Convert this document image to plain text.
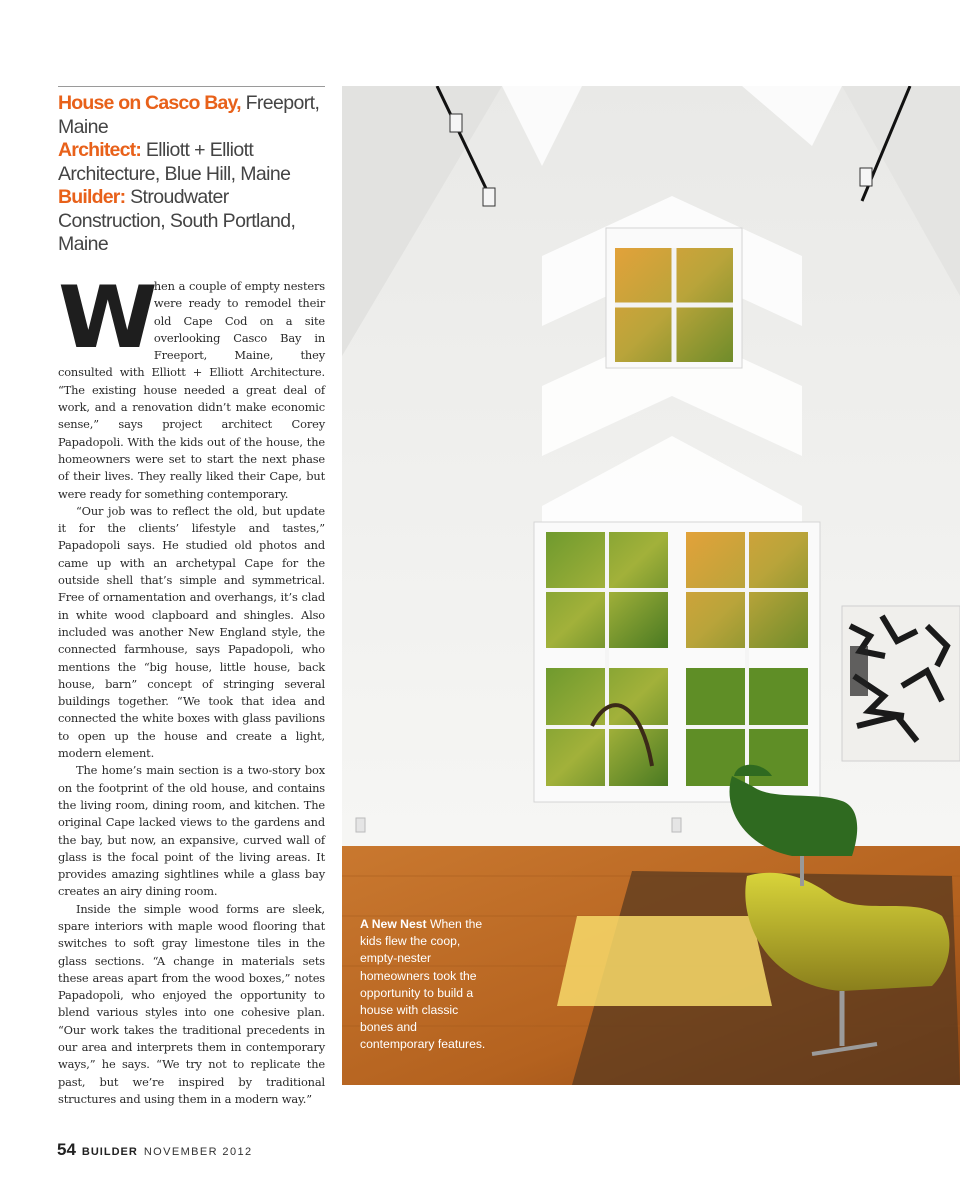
House on Casco Bay, Freeport, Maine
Architect: Elliott + Elliott Architecture, Blue Hill, Maine
Builder: Stroudwater Construction, South Portland, Maine

When a couple of empty nesters were ready to remodel their old Cape Cod on a site overlooking Casco Bay in Freeport, Maine, they consulted with Elliott + Elliott Architecture. “The existing house needed a great deal of work, and a renovation didn’t make economic sense,” says project architect Corey Papadopoli. With the kids out of the house, the homeowners were set to start the next phase of their lives. They really liked their Cape, but were ready for something contemporary.

“Our job was to reflect the old, but update it for the clients’ lifestyle and tastes,” Papadopoli says. He studied old photos and came up with an archetypal Cape for the outside shell that’s simple and symmetrical. Free of ornamentation and overhangs, it’s clad in white wood clapboard and shingles. Also included was another New England style, the connected farmhouse, says Papadopoli, who mentions the “big house, little house, back house, barn” concept of stringing several buildings together. “We took that idea and connected the white boxes with glass pavilions to open up the house and create a light, modern element.

The home’s main section is a two-story box on the footprint of the old house, and contains the living room, dining room, and kitchen. The original Cape lacked views to the gardens and the bay, but now, an expansive, curved wall of glass is the focal point of the living areas. It provides amazing sightlines while a glass bay creates an airy dining room.

Inside the simple wood forms are sleek, spare interiors with maple wood flooring that switches to soft gray limestone tiles in the glass sections. “A change in materials sets these areas apart from the wood boxes,” notes Papadopoli, who enjoyed the opportunity to blend various styles into one cohesive plan. “Our work takes the traditional precedents in our area and interprets them in contemporary ways,” he says. “We try not to replicate the past, but we’re inspired by traditional structures and using them in a modern way.”

A New Nest When the kids flew the coop, empty-nester homeowners took the opportunity to build a house with classic bones and contemporary features.
54 BUILDER NOVEMBER 2012
